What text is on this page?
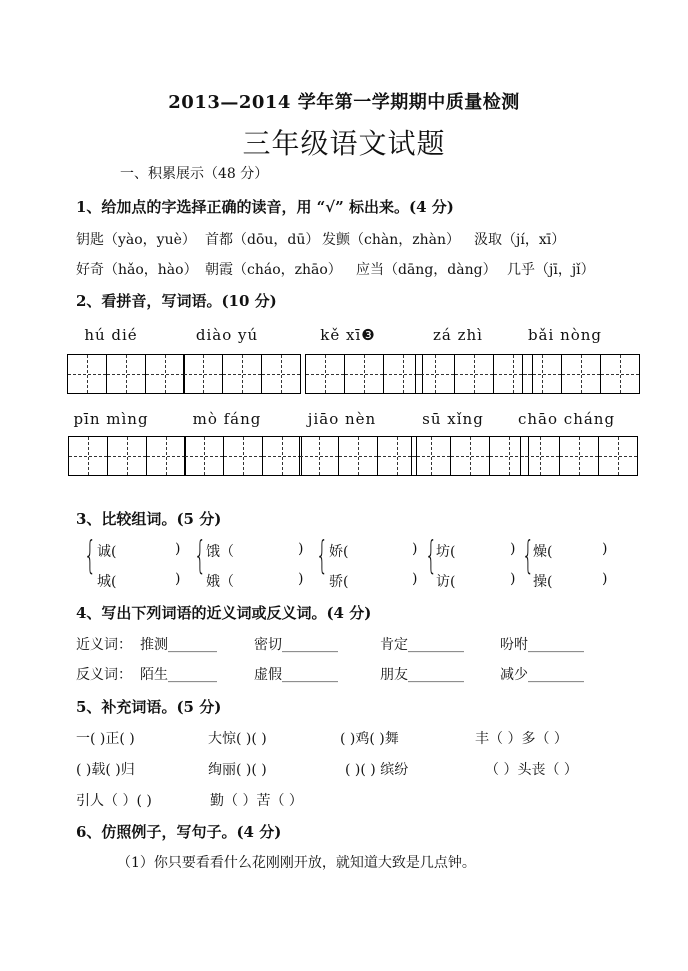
2013—2014 学年第一学期期中质量检测
三年级语文试题
一、积累展示（48 分）
1、给加点的字选择正确的读音，用 “√” 标出来。(4 分)
钥匙（yào，yuè） 首都（dōu，dū） 发颤（chàn，zhàn） 汲取（jí，xī）
好奇（hǎo，hào） 朝霞（cháo，zhāo） 应当（dāng，dàng） 几乎（jī，jǐ）
2、看拼音，写词语。(10 分)
hú dié	diào yú	kě xī❸	zá zhì	bǎi nòng
pīn mìng	mò fáng	jiāo nèn	sū xǐng	chāo cháng
3、比较组词。(5 分)
{ 诚(	)
城(	)
{ 饿（	)
娥（	)
{ 娇(	)
骄(	)
{
坊(	)
访(	)
{
燥(	)
操(	)
4、写出下列词语的近义词或反义词。(4 分)
近义词： 推测_______	密切________	肯定________	吩咐________
反义词： 陌生_______	虚假________	朋友________	减少________
5、补充词语。(5 分)
一( )正( )	大惊( )( )	( )鸡( )舞	丰（ ）多（ ）
( )载( )归	绚丽( )( )	( )( ) 缤纷	（ ）头丧（ ）
引人（ ）( )	勤（ ）苦（ ）
6、仿照例子，写句子。(4 分)
（1）你只要看看什么花刚刚开放，就知道大致是几点钟。
